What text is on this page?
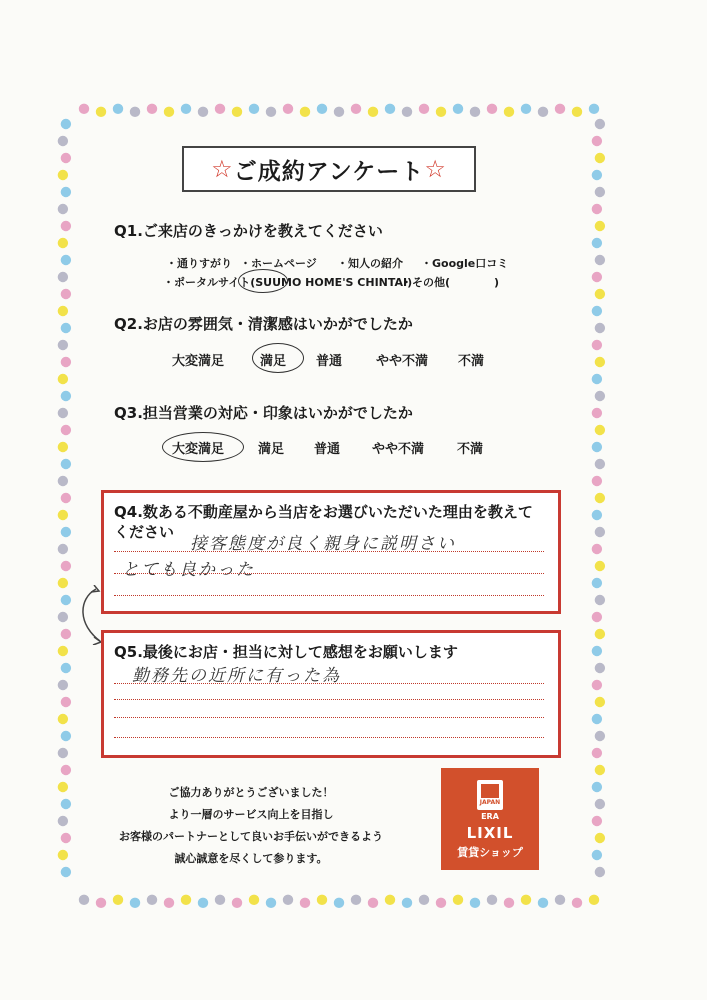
☆ ご成約アンケート ☆
Q1.ご来店のきっかけを教えてください
・通りすがり ・ホームページ ・知人の紹介 ・Google口コミ
・ポータルサイト(SUUMO HOME'S CHINTAI)
・その他(　　　　)
Q2.お店の雰囲気・清潔感はいかがでしたか
大変満足	満足 普通	やや不満 不満
Q3.担当営業の対応・印象はいかがでしたか
大変満足	満足 普通 やや不満	不満
Q4.数ある不動産屋から当店をお選びいただいた理由を教えて
ください
接客態度が良く親身に説明さい
とても良かった
Q5.最後にお店・担当に対して感想をお願いします
勤務先の近所に有った為
ご協力ありがとうございました！
より一層のサービス向上を目指し
お客様のパートナーとして良いお手伝いができるよう
誠心誠意を尽くして参ります。
JAPAN
ERA
LIXIL
賃貸ショップ
